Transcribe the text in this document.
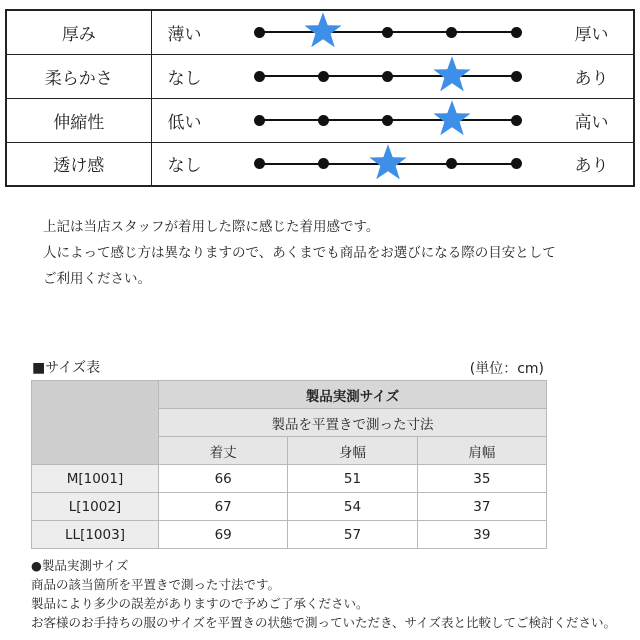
厚み	薄い		厚い
柔らかさ	なし		あり
伸縮性	低い		高い
透け感	なし		あり
上記は当店スタッフが着用した際に感じた着用感です。
人によって感じ方は異なりますので、あくまでも商品をお選びになる際の目安として
ご利用ください。
■サイズ表	(単位：cm)
	製品実測サイズ		
	製品を平置きで測った寸法		
	着丈	身幅	肩幅
M[1001]	66	51	35
L[1002]	67	54	37
LL[1003]	69	57	39
●製品実測サイズ
商品の該当箇所を平置きで測った寸法です。
製品により多少の誤差がありますので予めご了承ください。
お客様のお手持ちの服のサイズを平置きの状態で測っていただき、サイズ表と比較してご検討ください。
